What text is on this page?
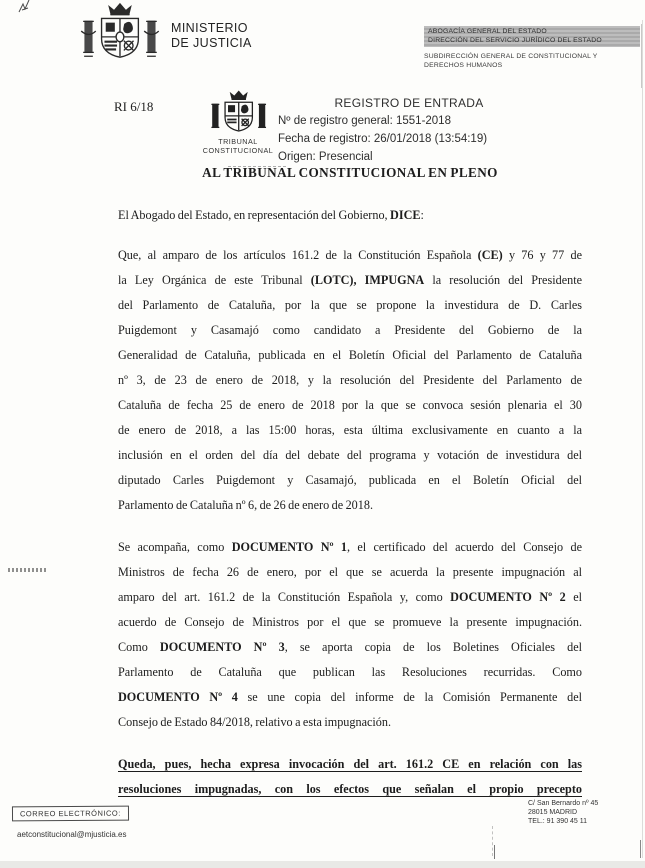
MINISTERIO
DE JUSTICIA
ABOGACÍA GENERAL DEL ESTADO
DIRECCIÓN DEL SERVICIO JURÍDICO DEL ESTADO
SUBDIRECCIÓN GENERAL DE CONSTITUCIONAL Y
DERECHOS HUMANOS
RI 6/18
TRIBUNAL
CONSTITUCIONAL
REGISTRO DE ENTRADA
Nº de registro general: 1551-2018
Fecha de registro: 26/01/2018 (13:54:19)
Origen: Presencial
AL TRIBUNAL CONSTITUCIONAL EN PLENO
El Abogado del Estado, en representación del Gobierno, DICE:
Que, al amparo de los artículos 161.2 de la Constitución Española (CE) y 76 y 77 de
la Ley Orgánica de este Tribunal (LOTC), IMPUGNA la resolución del Presidente
del Parlamento de Cataluña, por la que se propone la investidura de D. Carles
Puigdemont y Casamajó como candidato a Presidente del Gobierno de la
Generalidad de Cataluña, publicada en el Boletín Oficial del Parlamento de Cataluña
nº 3, de 23 de enero de 2018, y la resolución del Presidente del Parlamento de
Cataluña de fecha 25 de enero de 2018 por la que se convoca sesión plenaria el 30
de enero de 2018, a las 15:00 horas, esta última exclusivamente en cuanto a la
inclusión en el orden del día del debate del programa y votación de investidura del
diputado Carles Puigdemont y Casamajó, publicada en el Boletín Oficial del
Parlamento de Cataluña nº 6, de 26 de enero de 2018.
Se acompaña, como DOCUMENTO Nº 1, el certificado del acuerdo del Consejo de
Ministros de fecha 26 de enero, por el que se acuerda la presente impugnación al
amparo del art. 161.2 de la Constitución Española y, como DOCUMENTO Nº 2 el
acuerdo de Consejo de Ministros por el que se promueve la presente impugnación.
Como DOCUMENTO Nº 3, se aporta copia de los Boletines Oficiales del
Parlamento de Cataluña que publican las Resoluciones recurridas. Como
DOCUMENTO Nº 4 se une copia del informe de la Comisión Permanente del
Consejo de Estado 84/2018, relativo a esta impugnación.
Queda, pues, hecha expresa invocación del art. 161.2 CE en relación con las
resoluciones impugnadas, con los efectos que señalan el propio precepto
CORREO ELECTRÓNICO:
aetconstitucional@mjusticia.es
C/ San Bernardo nº 45
28015 MADRID
TEL.: 91 390 45 11
